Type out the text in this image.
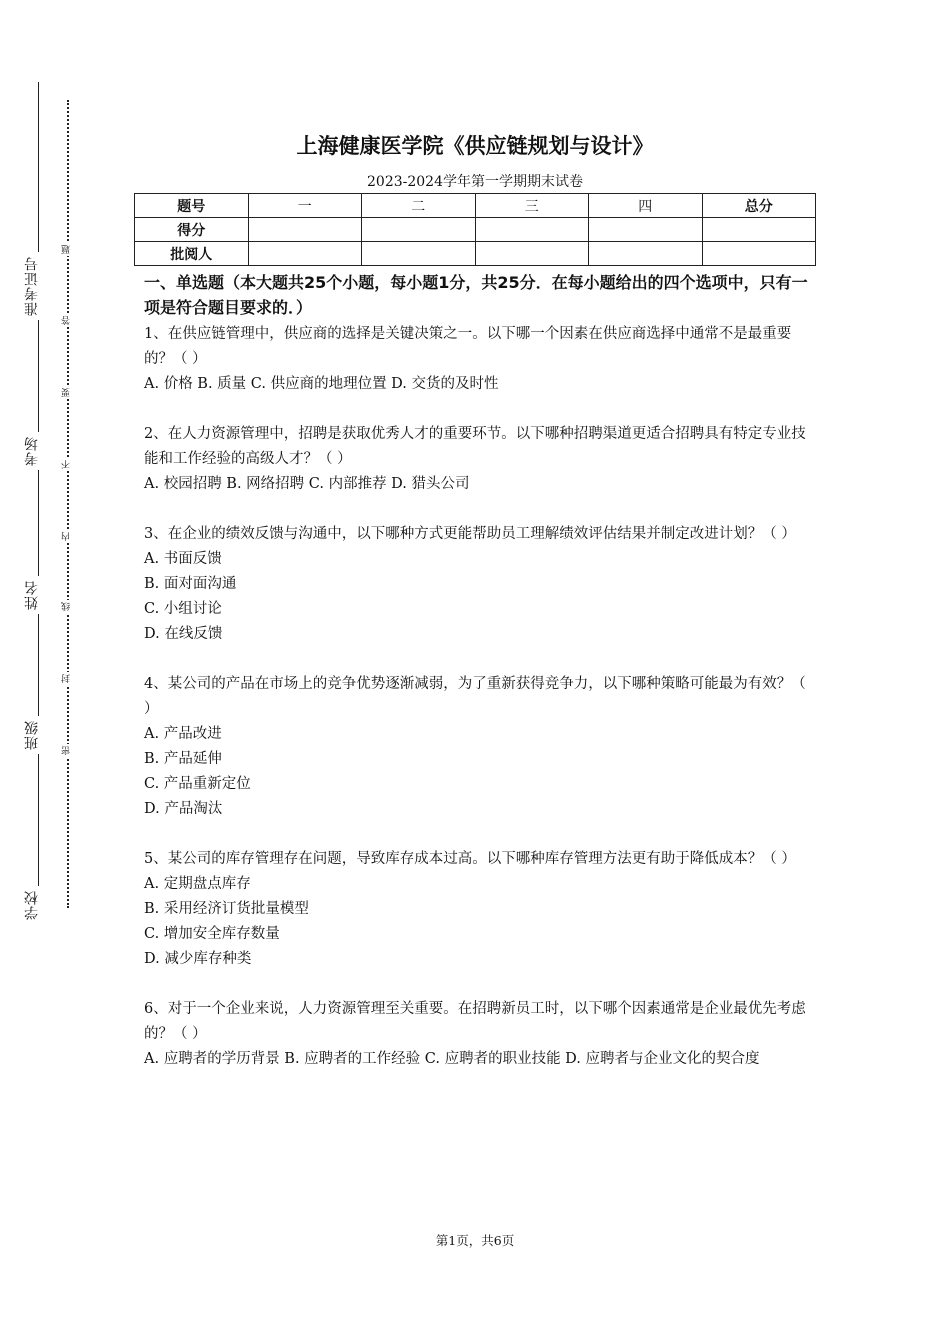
准考证号
考场
姓名
班级
学校
题
答
要
不
内
线
封
密
上海健康医学院《供应链规划与设计》
2023-2024学年第一学期期末试卷
题号	一	二	三	四	总分
得分					
批阅人					
一、单选题（本大题共25个小题，每小题1分，共25分．在每小题给出的四个选项中，只有一项是符合题目要求的．）
1、在供应链管理中，供应商的选择是关键决策之一。以下哪一个因素在供应商选择中通常不是最重要的？（ ）
A. 价格 B. 质量 C. 供应商的地理位置 D. 交货的及时性
2、在人力资源管理中，招聘是获取优秀人才的重要环节。以下哪种招聘渠道更适合招聘具有特定专业技能和工作经验的高级人才？（ ）
A. 校园招聘 B. 网络招聘 C. 内部推荐 D. 猎头公司
3、在企业的绩效反馈与沟通中，以下哪种方式更能帮助员工理解绩效评估结果并制定改进计划？（ ）
A. 书面反馈
B. 面对面沟通
C. 小组讨论
D. 在线反馈
4、某公司的产品在市场上的竞争优势逐渐减弱，为了重新获得竞争力，以下哪种策略可能最为有效？（ ）
A. 产品改进
B. 产品延伸
C. 产品重新定位
D. 产品淘汰
5、某公司的库存管理存在问题，导致库存成本过高。以下哪种库存管理方法更有助于降低成本？（ ）
A. 定期盘点库存
B. 采用经济订货批量模型
C. 增加安全库存数量
D. 减少库存种类
6、对于一个企业来说，人力资源管理至关重要。在招聘新员工时，以下哪个因素通常是企业最优先考虑的？（ ）
A. 应聘者的学历背景 B. 应聘者的工作经验 C. 应聘者的职业技能 D. 应聘者与企业文化的契合度
第1页，共6页
